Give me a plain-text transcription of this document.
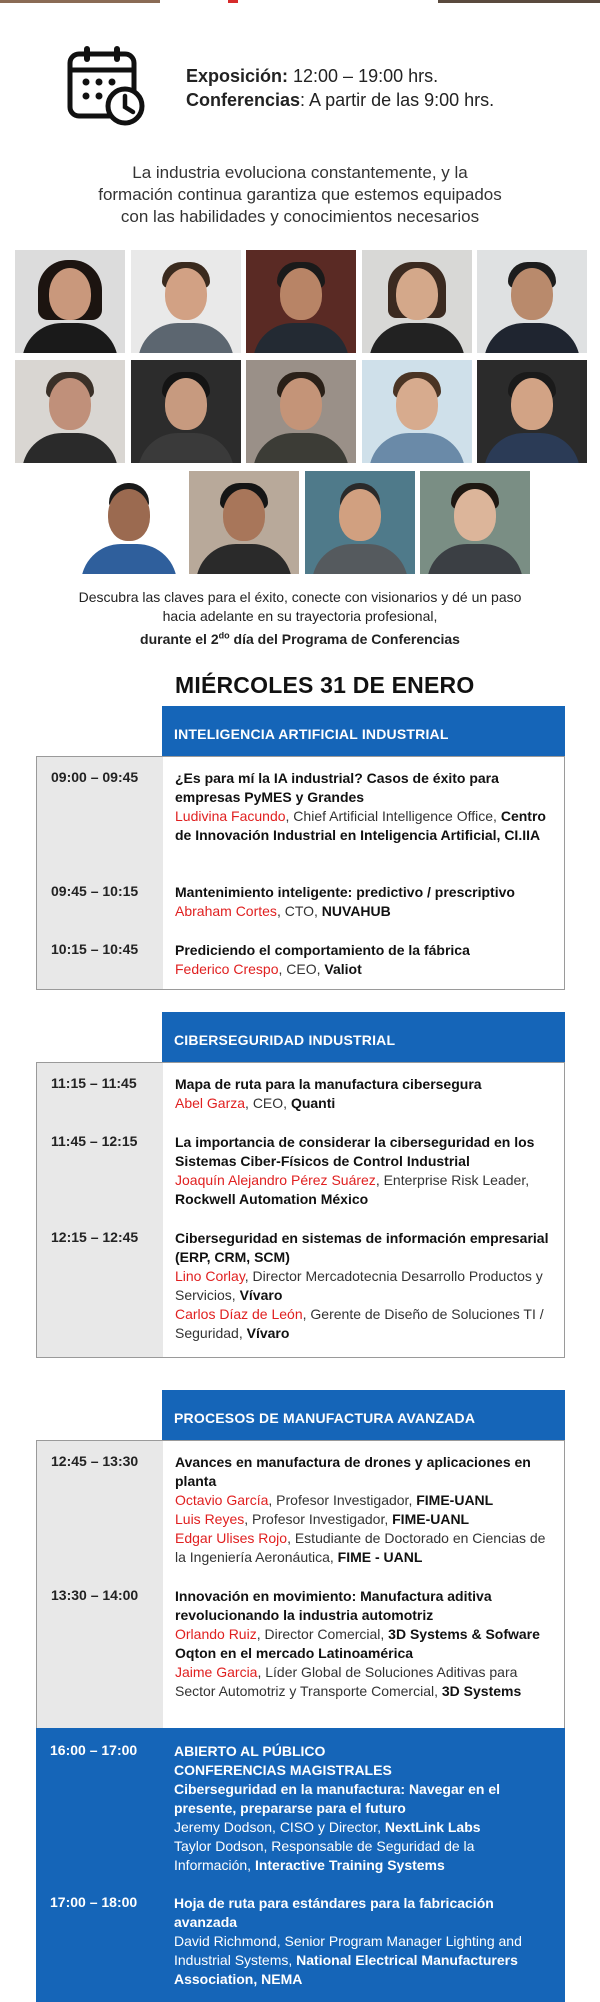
Exposición: 12:00 – 19:00 hrs.
Conferencias: A partir de las 9:00 hrs.
La industria evoluciona constantemente, y la
formación continua garantiza que estemos equipados
con las habilidades y conocimientos necesarios
Descubra las claves para el éxito, conecte con visionarios y dé un paso
hacia adelante en su trayectoria profesional,
durante el $2^{do}$ día del Programa de Conferencias
MIÉRCOLES 31 DE ENERO
INTELIGENCIA ARTIFICIAL INDUSTRIAL
09:00 – 09:45	¿Es para mí la IA industrial? Casos de éxito para empresas PyMES y Grandes
Ludivina Facundo, Chief Artificial Intelligence Office, Centro de Innovación Industrial en Inteligencia Artificial, CI.IIA
09:45 – 10:15	Mantenimiento inteligente: predictivo / prescriptivo
Abraham Cortes, CTO, NUVAHUB
10:15 – 10:45	Prediciendo el comportamiento de la fábrica
Federico Crespo, CEO, Valiot
CIBERSEGURIDAD INDUSTRIAL
11:15 – 11:45	Mapa de ruta para la manufactura cibersegura
Abel Garza, CEO, Quanti
11:45 – 12:15	La importancia de considerar la ciberseguridad en los Sistemas Ciber-Físicos de Control Industrial
Joaquín Alejandro Pérez Suárez, Enterprise Risk Leader, Rockwell Automation México
12:15 – 12:45	Ciberseguridad en sistemas de información empresarial (ERP, CRM, SCM)
Lino Corlay, Director Mercadotecnia Desarrollo Productos y Servicios, Vívaro
Carlos Díaz de León, Gerente de Diseño de Soluciones TI / Seguridad, Vívaro
PROCESOS DE MANUFACTURA AVANZADA
12:45 – 13:30	Avances en manufactura de drones y aplicaciones en planta
Octavio García, Profesor Investigador, FIME-UANL
Luis Reyes, Profesor Investigador, FIME-UANL
Edgar Ulises Rojo, Estudiante de Doctorado en Ciencias de la Ingeniería Aeronáutica, FIME - UANL
13:30 – 14:00	Innovación en movimiento: Manufactura aditiva revolucionando la industria automotriz
Orlando Ruiz, Director Comercial, 3D Systems & Sofware Oqton en el mercado Latinoamérica
Jaime Garcia, Líder Global de Soluciones Aditivas para Sector Automotriz y Transporte Comercial, 3D Systems
16:00 – 17:00	ABIERTO AL PÚBLICO
CONFERENCIAS MAGISTRALES
Ciberseguridad en la manufactura: Navegar en el presente, prepararse para el futuro
Jeremy Dodson, CISO y Director, NextLink Labs
Taylor Dodson, Responsable de Seguridad de la Información, Interactive Training Systems
17:00 – 18:00	Hoja de ruta para estándares para la fabricación avanzada
David Richmond, Senior Program Manager Lighting and Industrial Systems, National Electrical Manufacturers Association, NEMA
